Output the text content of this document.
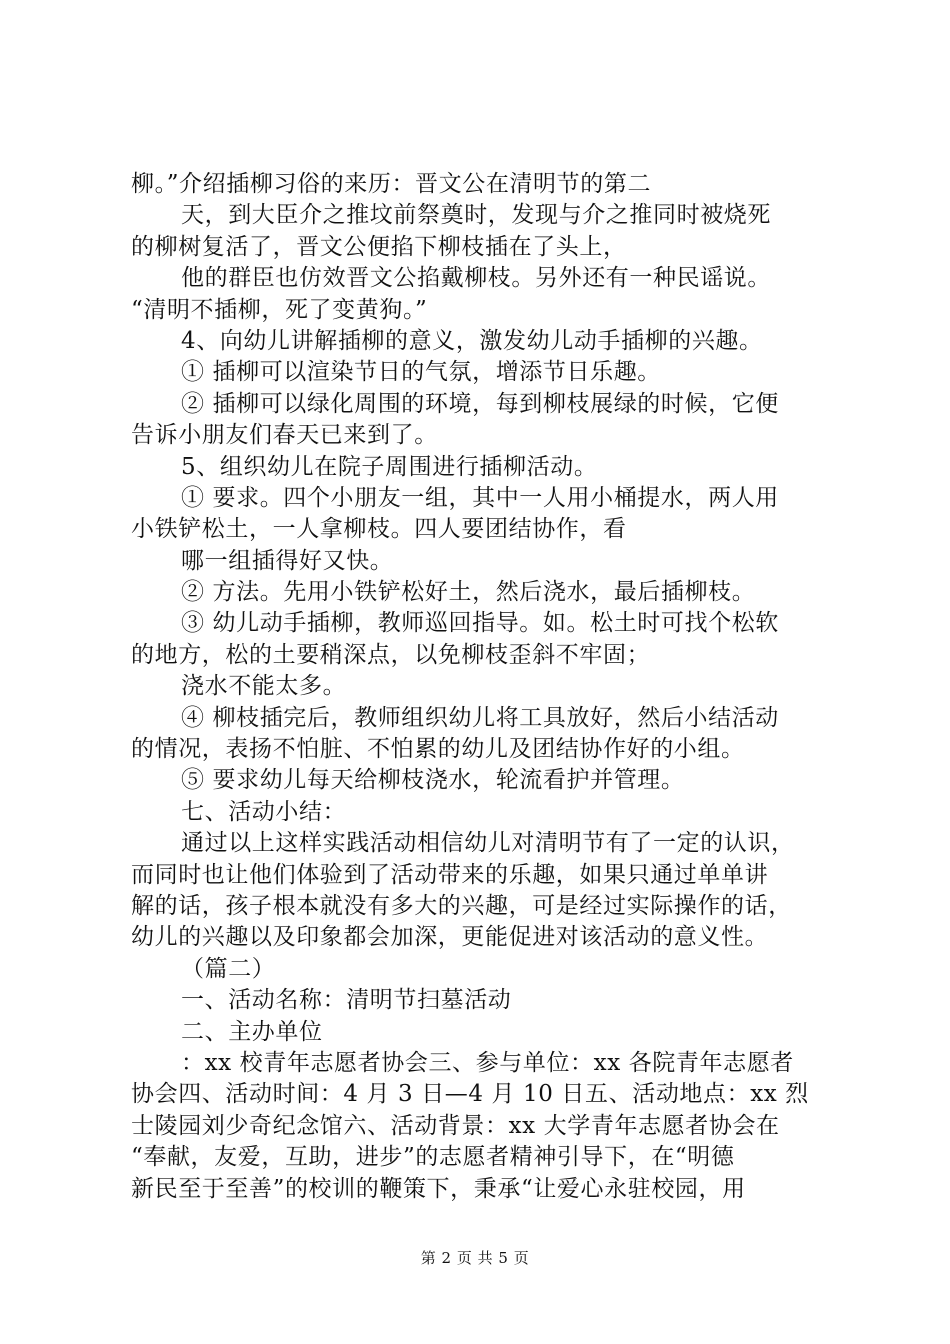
柳。”介绍插柳习俗的来历：晋文公在清明节的第二
天，到大臣介之推坟前祭奠时，发现与介之推同时被烧死
的柳树复活了，晋文公便掐下柳枝插在了头上，
他的群臣也仿效晋文公掐戴柳枝。另外还有一种民谣说。
“清明不插柳，死了变黄狗。”
4、向幼儿讲解插柳的意义，激发幼儿动手插柳的兴趣。
① 插柳可以渲染节日的气氛，增添节日乐趣。
② 插柳可以绿化周围的环境，每到柳枝展绿的时候，它便
告诉小朋友们春天已来到了。
5、组织幼儿在院子周围进行插柳活动。
① 要求。四个小朋友一组，其中一人用小桶提水，两人用
小铁铲松土，一人拿柳枝。四人要团结协作，看
哪一组插得好又快。
② 方法。先用小铁铲松好土，然后浇水，最后插柳枝。
③ 幼儿动手插柳，教师巡回指导。如。松土时可找个松软
的地方，松的土要稍深点，以免柳枝歪斜不牢固；
浇水不能太多。
④ 柳枝插完后，教师组织幼儿将工具放好，然后小结活动
的情况，表扬不怕脏、不怕累的幼儿及团结协作好的小组。
⑤ 要求幼儿每天给柳枝浇水，轮流看护并管理。
七、活动小结：
通过以上这样实践活动相信幼儿对清明节有了一定的认识，
而同时也让他们体验到了活动带来的乐趣，如果只通过单单讲
解的话，孩子根本就没有多大的兴趣，可是经过实际操作的话，
幼儿的兴趣以及印象都会加深，更能促进对该活动的意义性。
（篇二）
一、活动名称：清明节扫墓活动
二、主办单位
：xx 校青年志愿者协会三、参与单位：xx 各院青年志愿者
协会四、活动时间：4 月 3 日—4 月 10 日五、活动地点：xx 烈
士陵园刘少奇纪念馆六、活动背景：xx 大学青年志愿者协会在
“奉献，友爱，互助，进步”的志愿者精神引导下，在“明德
新民至于至善”的校训的鞭策下，秉承“让爱心永驻校园，用
第 2 页 共 5 页
